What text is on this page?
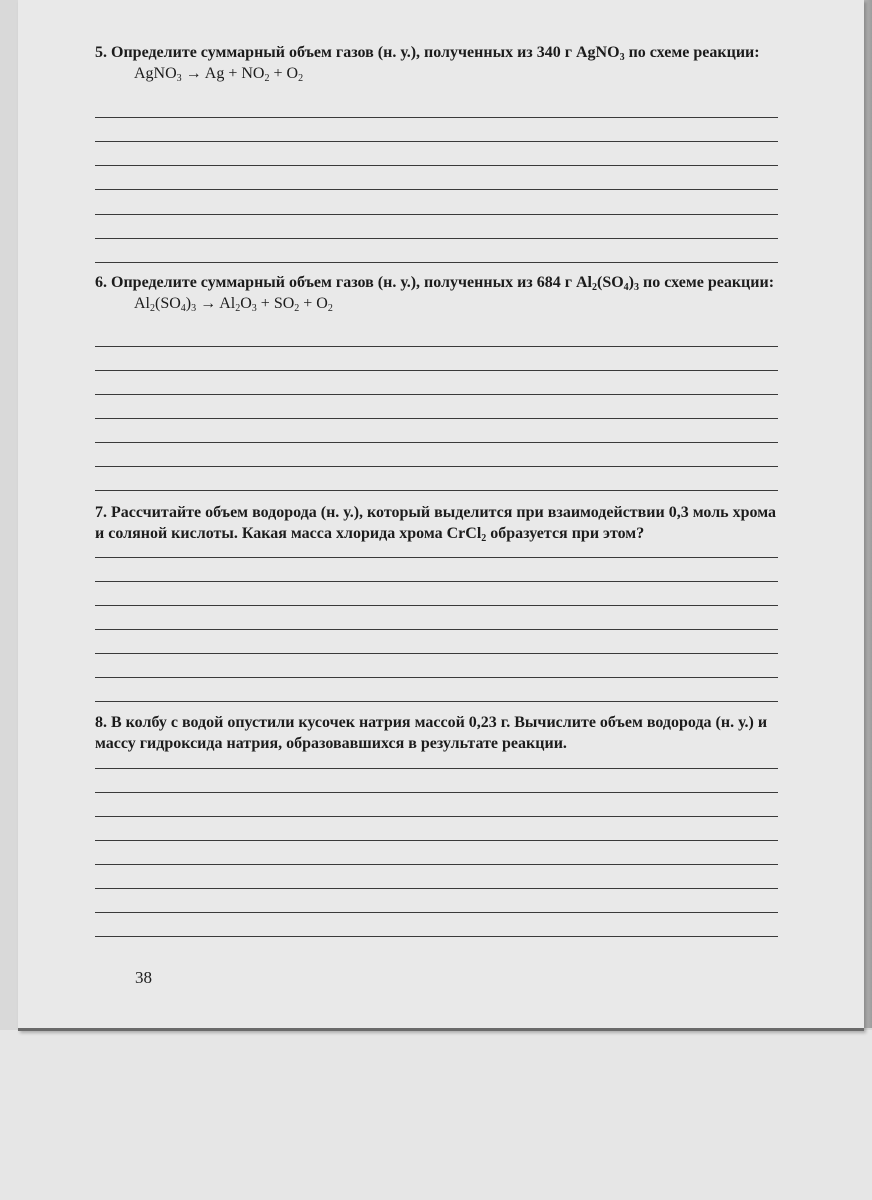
5. Определите суммарный объем газов (н. у.), полученных из 340 г AgNO$_3$ по схеме реакции:
AgNO$_3$ → $Ag + NO_2 + O_2$
6. Определите суммарный объем газов (н. у.), полученных из 684 г $Al_2(SO_4)_3$ по схеме реакции:
$Al_2(SO_4)_3 \to Al_2O_3 + SO_2 + O_2$
7. Рассчитайте объем водорода (н. у.), который выделится при взаимодействии 0,3 моль хрома и соляной кислоты. Какая масса хлорида хрома CrCl$_2$ образуется при этом?
8. В колбу с водой опустили кусочек натрия массой 0,23 г. Вычислите объем водорода (н. у.) и массу гидроксида натрия, образовавшихся в результате реакции.
38
